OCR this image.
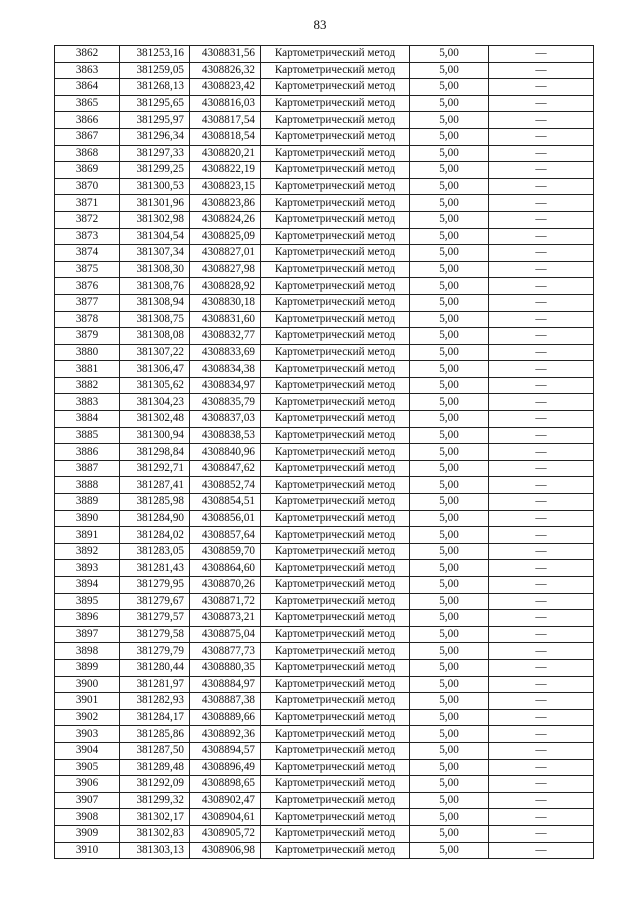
83
3862	381253,16	4308831,56	Картометрический метод	5,00	—
3863	381259,05	4308826,32	Картометрический метод	5,00	—
3864	381268,13	4308823,42	Картометрический метод	5,00	—
3865	381295,65	4308816,03	Картометрический метод	5,00	—
3866	381295,97	4308817,54	Картометрический метод	5,00	—
3867	381296,34	4308818,54	Картометрический метод	5,00	—
3868	381297,33	4308820,21	Картометрический метод	5,00	—
3869	381299,25	4308822,19	Картометрический метод	5,00	—
3870	381300,53	4308823,15	Картометрический метод	5,00	—
3871	381301,96	4308823,86	Картометрический метод	5,00	—
3872	381302,98	4308824,26	Картометрический метод	5,00	—
3873	381304,54	4308825,09	Картометрический метод	5,00	—
3874	381307,34	4308827,01	Картометрический метод	5,00	—
3875	381308,30	4308827,98	Картометрический метод	5,00	—
3876	381308,76	4308828,92	Картометрический метод	5,00	—
3877	381308,94	4308830,18	Картометрический метод	5,00	—
3878	381308,75	4308831,60	Картометрический метод	5,00	—
3879	381308,08	4308832,77	Картометрический метод	5,00	—
3880	381307,22	4308833,69	Картометрический метод	5,00	—
3881	381306,47	4308834,38	Картометрический метод	5,00	—
3882	381305,62	4308834,97	Картометрический метод	5,00	—
3883	381304,23	4308835,79	Картометрический метод	5,00	—
3884	381302,48	4308837,03	Картометрический метод	5,00	—
3885	381300,94	4308838,53	Картометрический метод	5,00	—
3886	381298,84	4308840,96	Картометрический метод	5,00	—
3887	381292,71	4308847,62	Картометрический метод	5,00	—
3888	381287,41	4308852,74	Картометрический метод	5,00	—
3889	381285,98	4308854,51	Картометрический метод	5,00	—
3890	381284,90	4308856,01	Картометрический метод	5,00	—
3891	381284,02	4308857,64	Картометрический метод	5,00	—
3892	381283,05	4308859,70	Картометрический метод	5,00	—
3893	381281,43	4308864,60	Картометрический метод	5,00	—
3894	381279,95	4308870,26	Картометрический метод	5,00	—
3895	381279,67	4308871,72	Картометрический метод	5,00	—
3896	381279,57	4308873,21	Картометрический метод	5,00	—
3897	381279,58	4308875,04	Картометрический метод	5,00	—
3898	381279,79	4308877,73	Картометрический метод	5,00	—
3899	381280,44	4308880,35	Картометрический метод	5,00	—
3900	381281,97	4308884,97	Картометрический метод	5,00	—
3901	381282,93	4308887,38	Картометрический метод	5,00	—
3902	381284,17	4308889,66	Картометрический метод	5,00	—
3903	381285,86	4308892,36	Картометрический метод	5,00	—
3904	381287,50	4308894,57	Картометрический метод	5,00	—
3905	381289,48	4308896,49	Картометрический метод	5,00	—
3906	381292,09	4308898,65	Картометрический метод	5,00	—
3907	381299,32	4308902,47	Картометрический метод	5,00	—
3908	381302,17	4308904,61	Картометрический метод	5,00	—
3909	381302,83	4308905,72	Картометрический метод	5,00	—
3910	381303,13	4308906,98	Картометрический метод	5,00	—
